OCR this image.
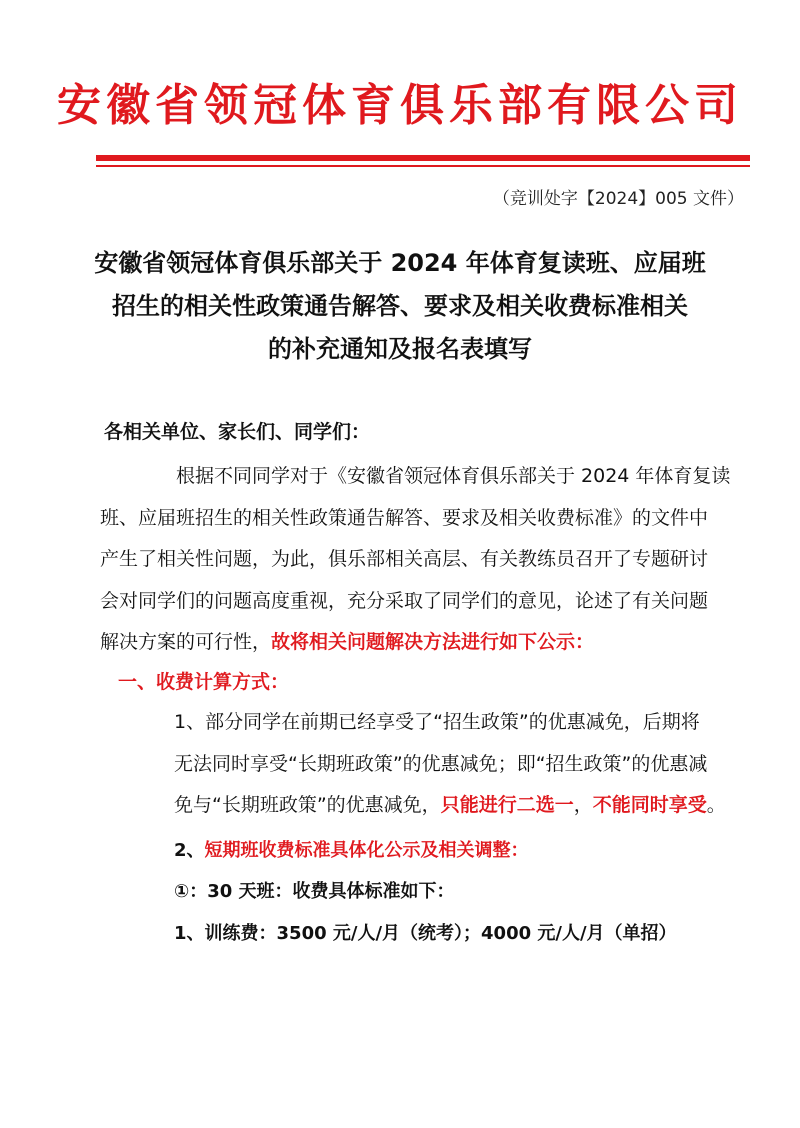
安徽省领冠体育俱乐部有限公司
（竞训处字【2024】005 文件）
安徽省领冠体育俱乐部关于 2024 年体育复读班、应届班
招生的相关性政策通告解答、要求及相关收费标准相关
的补充通知及报名表填写
各相关单位、家长们、同学们：
根据不同同学对于《安徽省领冠体育俱乐部关于 2024 年体育复读
班、应届班招生的相关性政策通告解答、要求及相关收费标准》的文件中
产生了相关性问题，为此，俱乐部相关高层、有关教练员召开了专题研讨
会对同学们的问题高度重视，充分采取了同学们的意见，论述了有关问题
解决方案的可行性，故将相关问题解决方法进行如下公示：
一、收费计算方式：
1、部分同学在前期已经享受了“招生政策”的优惠减免，后期将
无法同时享受“长期班政策”的优惠减免；即“招生政策”的优惠减
免与“长期班政策”的优惠减免，只能进行二选一，不能同时享受。
2、短期班收费标准具体化公示及相关调整：
①：30 天班：收费具体标准如下：
1、训练费：3500 元/人/月（统考）；4000 元/人/月（单招）
